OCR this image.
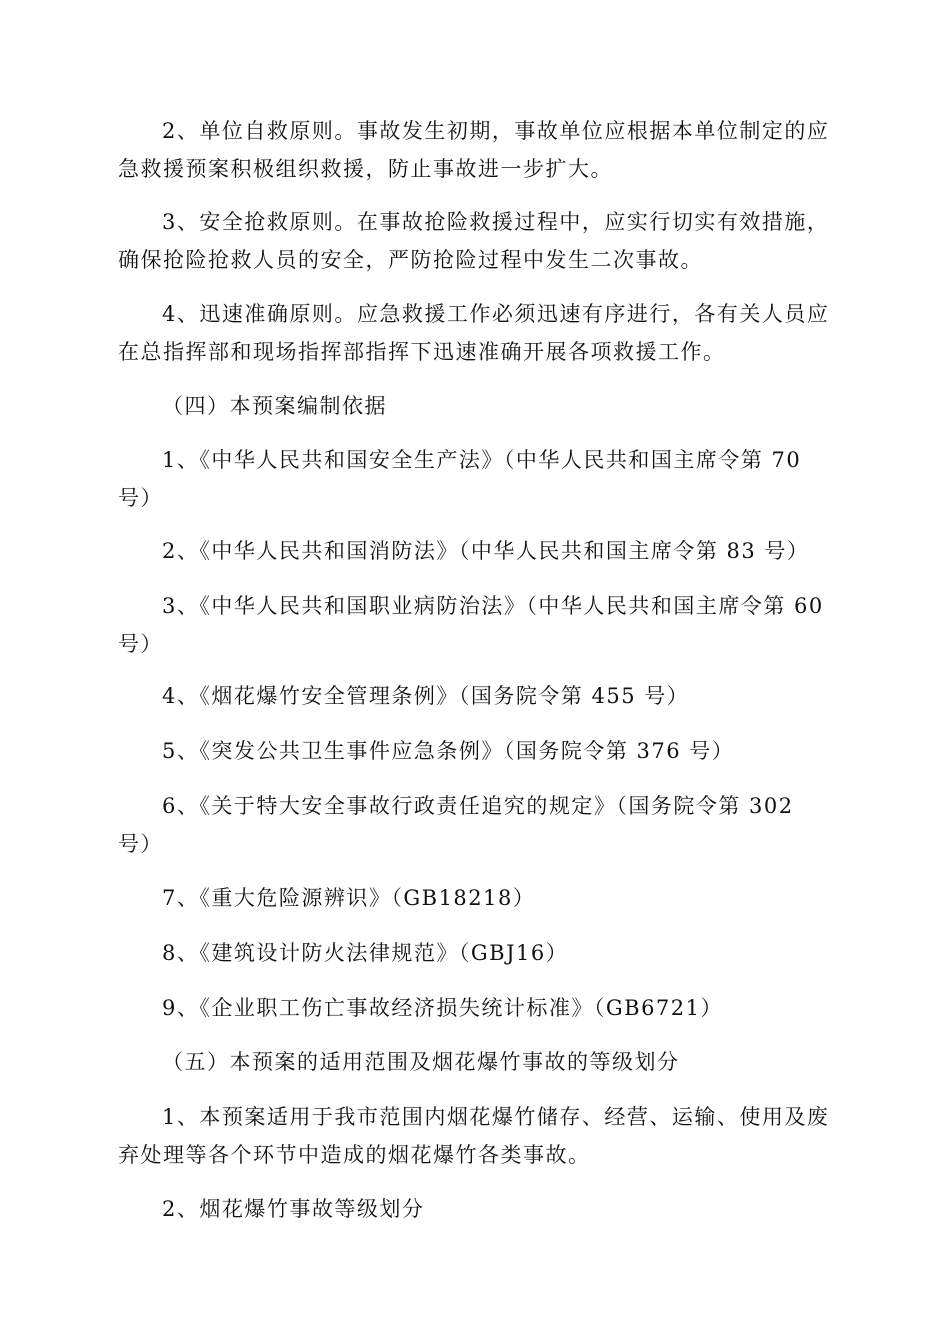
2、单位自救原则。事故发生初期，事故单位应根据本单位制定的应
急救援预案积极组织救援，防止事故进一步扩大。

3、安全抢救原则。在事故抢险救援过程中，应实行切实有效措施，
确保抢险抢救人员的安全，严防抢险过程中发生二次事故。

4、迅速准确原则。应急救援工作必须迅速有序进行，各有关人员应
在总指挥部和现场指挥部指挥下迅速准确开展各项救援工作。

（四）本预案编制依据

1、《中华人民共和国安全生产法》（中华人民共和国主席令第 70
号）

2、《中华人民共和国消防法》（中华人民共和国主席令第 83 号）

3、《中华人民共和国职业病防治法》（中华人民共和国主席令第 60
号）

4、《烟花爆竹安全管理条例》（国务院令第 455 号）

5、《突发公共卫生事件应急条例》（国务院令第 376 号）

6、《关于特大安全事故行政责任追究的规定》（国务院令第 302
号）

7、《重大危险源辨识》（GB18218）

8、《建筑设计防火法律规范》（GBJ16）

9、《企业职工伤亡事故经济损失统计标准》（GB6721）

（五）本预案的适用范围及烟花爆竹事故的等级划分

1、本预案适用于我市范围内烟花爆竹储存、经营、运输、使用及废
弃处理等各个环节中造成的烟花爆竹各类事故。

2、烟花爆竹事故等级划分
